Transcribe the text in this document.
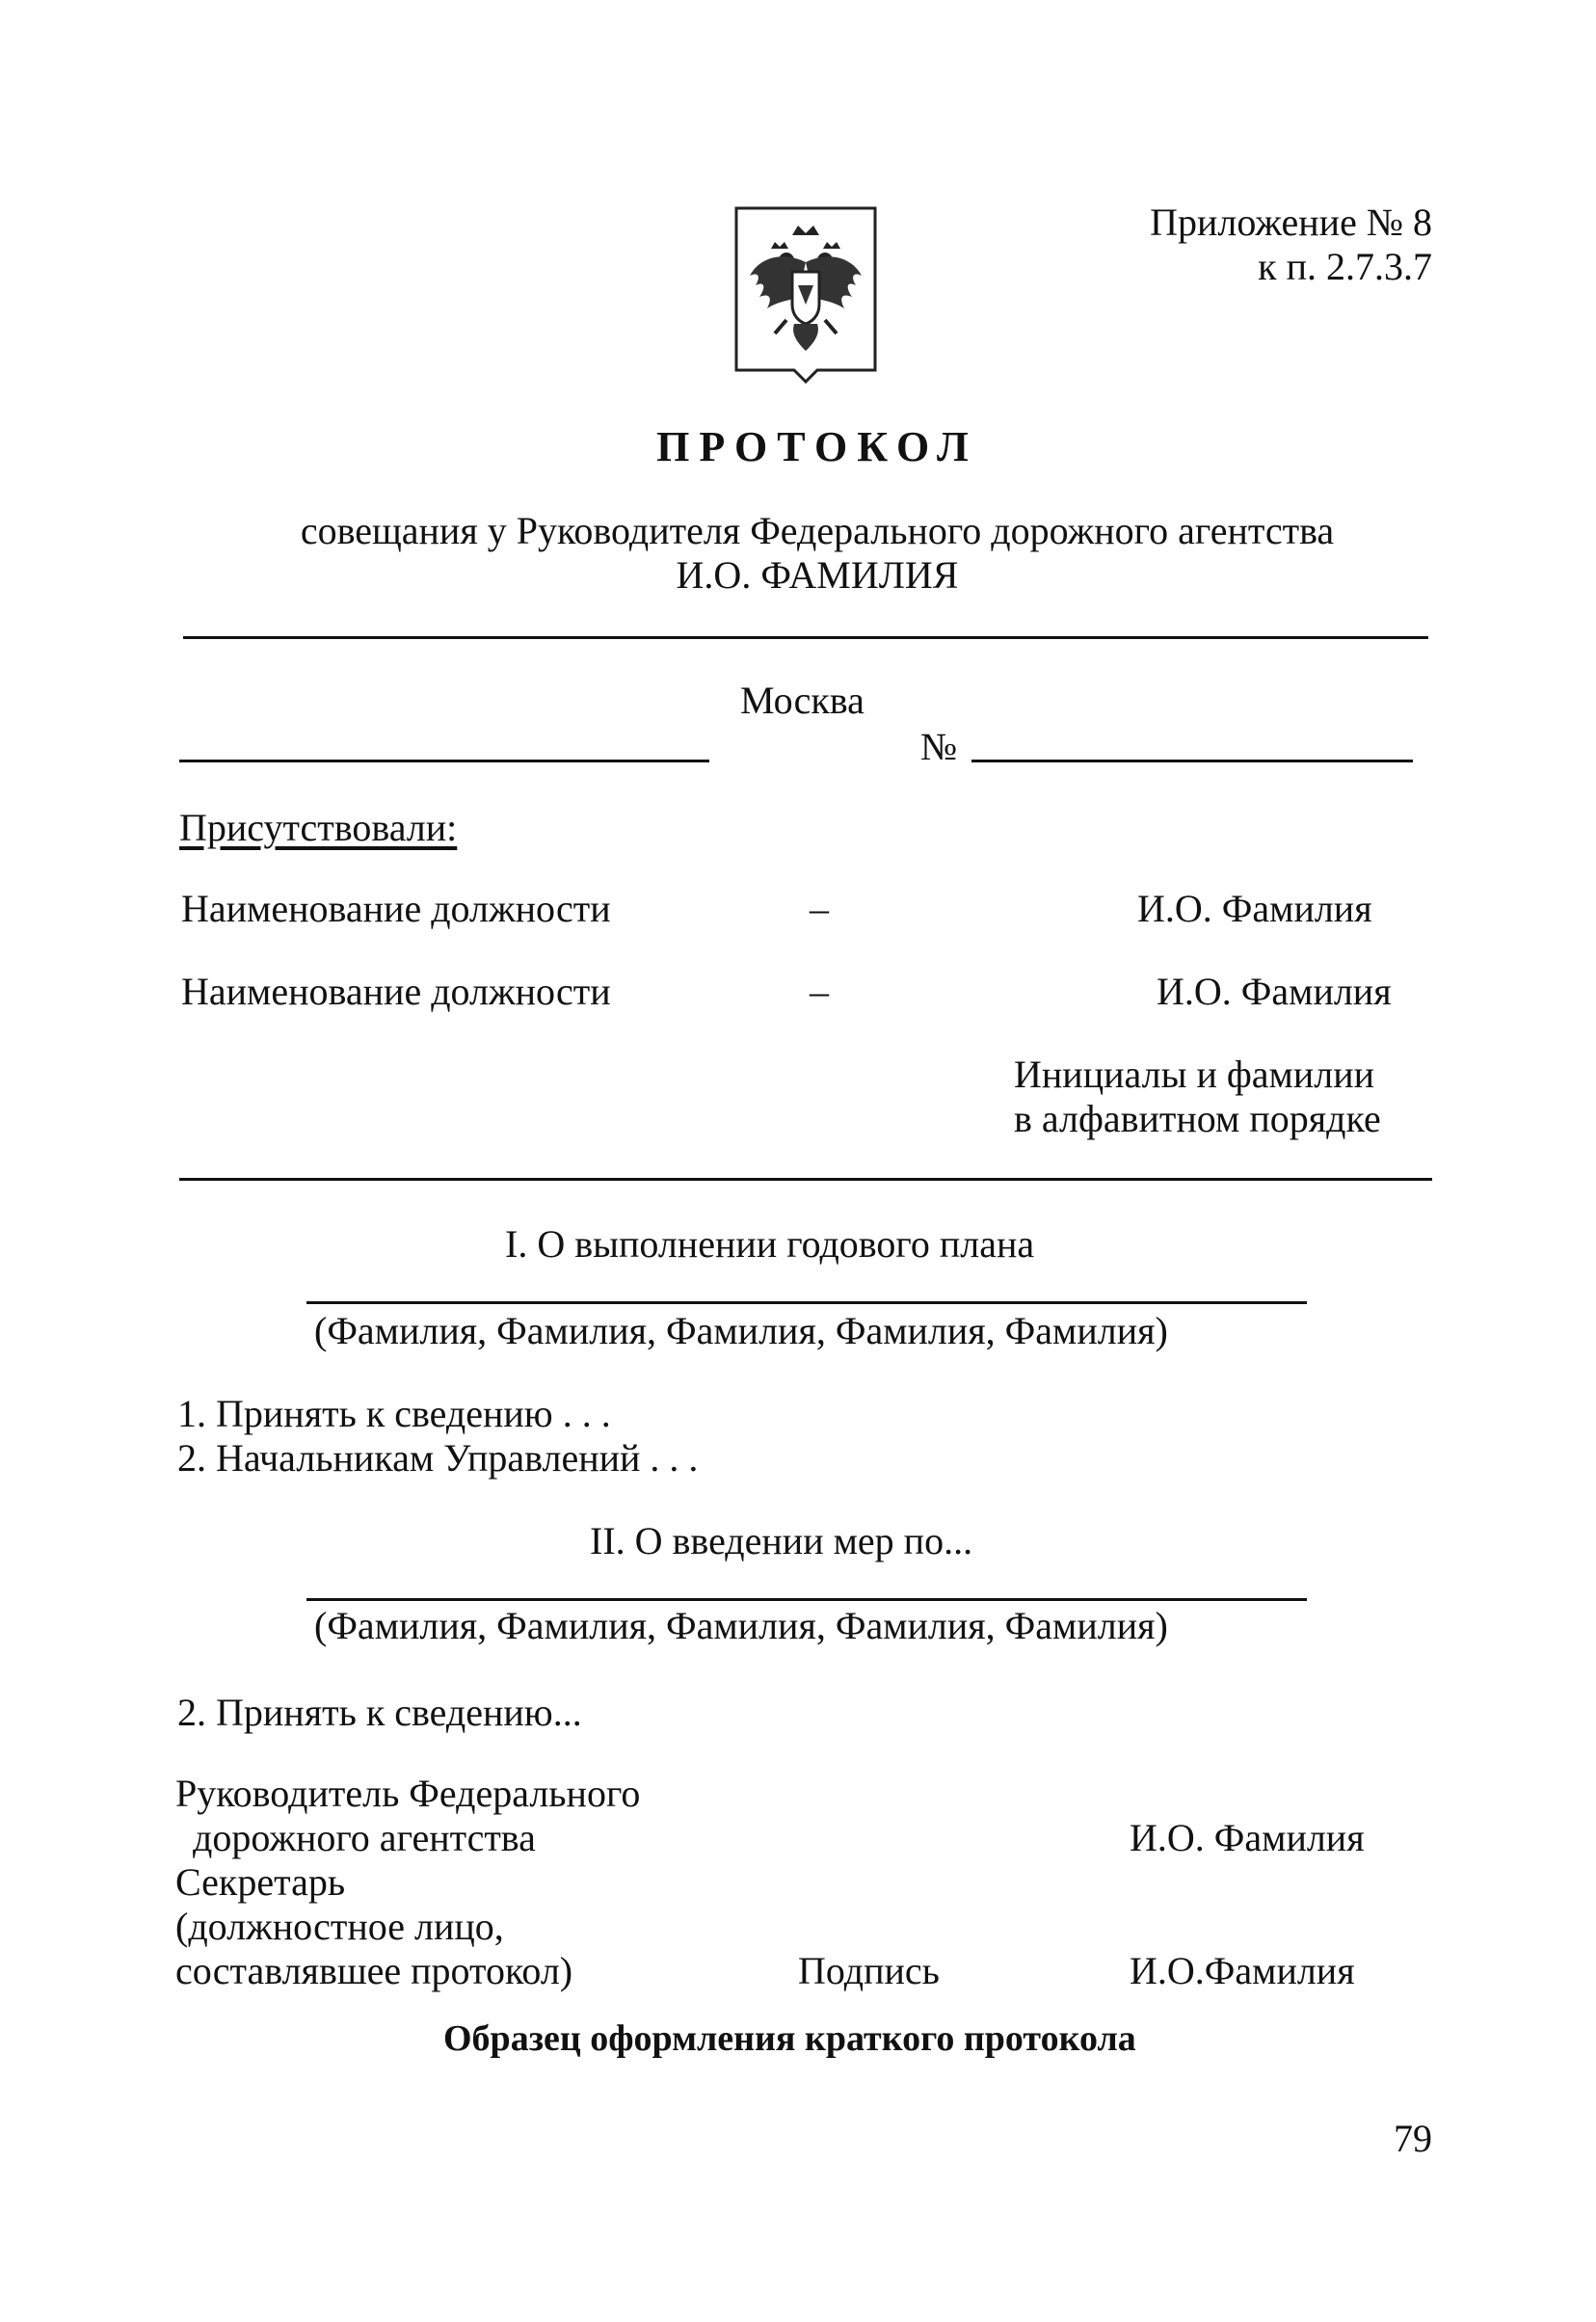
Приложение № 8
к п. 2.7.3.7
ПРОТОКОЛ
совещания у Руководителя Федерального дорожного агентства
И.О. ФАМИЛИЯ
Москва
№
Присутствовали:
Наименование должности	–	И.О. Фамилия
Наименование должности	–	И.О. Фамилия
Инициалы и фамилии
в алфавитном порядке
I. О выполнении годового плана
(Фамилия, Фамилия, Фамилия, Фамилия, Фамилия)
1. Принять к сведению . . .
2. Начальникам Управлений . . .
II. О введении мер по...
(Фамилия, Фамилия, Фамилия, Фамилия, Фамилия)
2. Принять к сведению...
Руководитель Федерального
дорожного агентства	И.О. Фамилия
Секретарь
(должностное лицо,
составлявшее протокол)	Подпись	И.О.Фамилия
Образец оформления краткого протокола
79
